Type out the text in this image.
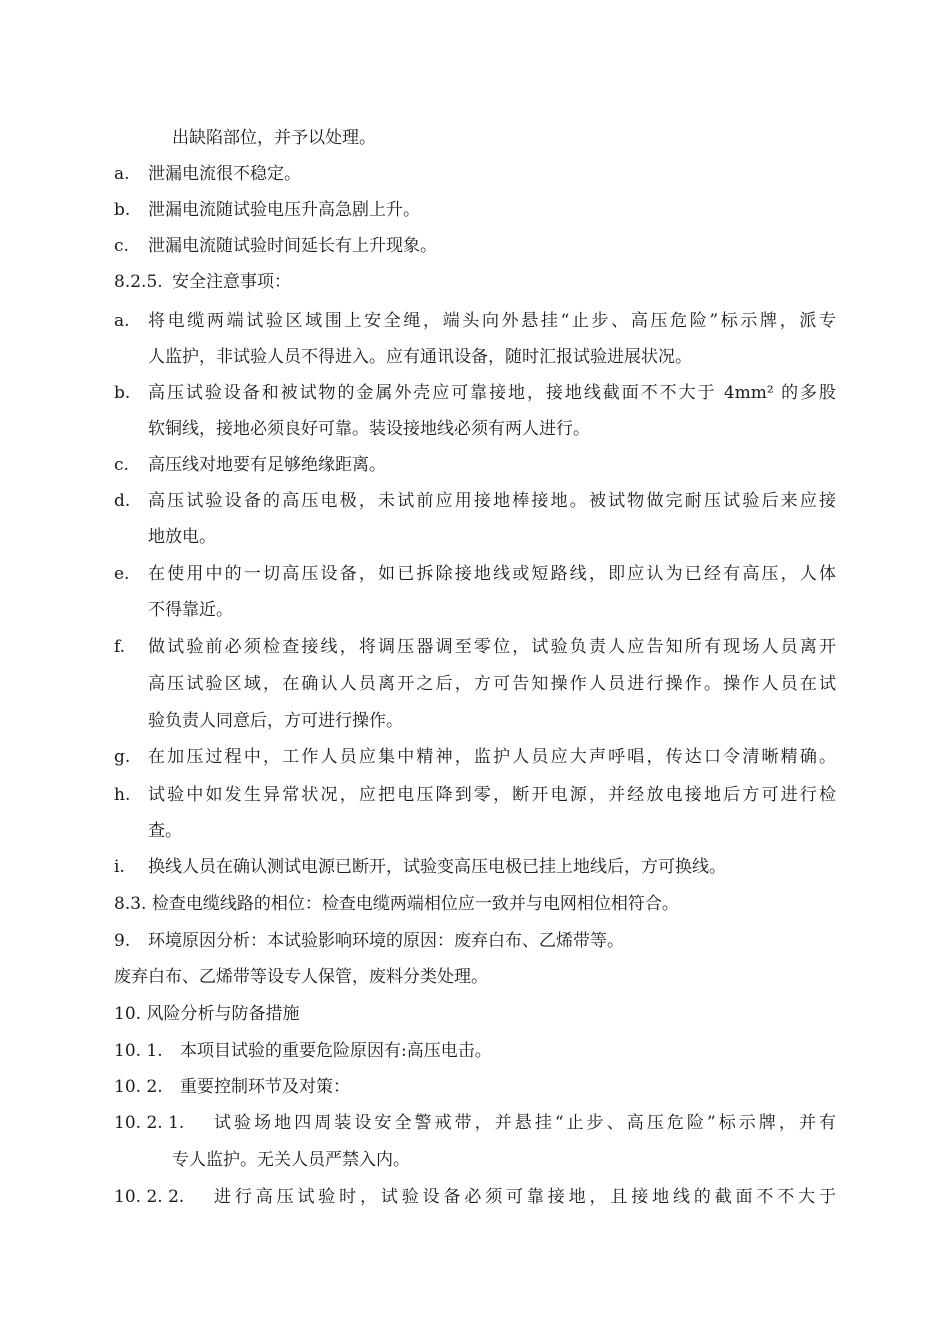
出缺陷部位，并予以处理。
a. 泄漏电流很不稳定。
b. 泄漏电流随试验电压升高急剧上升。
c. 泄漏电流随试验时间延长有上升现象。
8.2.5. 安全注意事项：
a. 将电缆两端试验区域围上安全绳，端头向外悬挂“止步、高压危险”标示牌，派专
人监护，非试验人员不得进入。应有通讯设备，随时汇报试验进展状况。
b. 高压试验设备和被试物的金属外壳应可靠接地，接地线截面不不大于 4mm² 的多股
软铜线，接地必须良好可靠。装设接地线必须有两人进行。
c. 高压线对地要有足够绝缘距离。
d. 高压试验设备的高压电极，未试前应用接地棒接地。被试物做完耐压试验后来应接
地放电。
e. 在使用中的一切高压设备，如已拆除接地线或短路线，即应认为已经有高压，人体
不得靠近。
f. 做试验前必须检查接线，将调压器调至零位，试验负责人应告知所有现场人员离开
高压试验区域，在确认人员离开之后，方可告知操作人员进行操作。操作人员在试
验负责人同意后，方可进行操作。
g. 在加压过程中，工作人员应集中精神，监护人员应大声呼唱，传达口令清晰精确。
h. 试验中如发生异常状况，应把电压降到零，断开电源，并经放电接地后方可进行检
查。
i. 换线人员在确认测试电源已断开，试验变高压电极已挂上地线后，方可换线。
8.3. 检查电缆线路的相位：检查电缆两端相位应一致并与电网相位相符合。
9. 环境原因分析：本试验影响环境的原因：废弃白布、乙烯带等。
废弃白布、乙烯带等设专人保管，废料分类处理。
10. 风险分析与防备措施
10. 1. 本项目试验的重要危险原因有:高压电击。
10. 2. 重要控制环节及对策：
10. 2. 1. 试验场地四周装设安全警戒带，并悬挂“止步、高压危险”标示牌，并有
专人监护。无关人员严禁入内。
10. 2. 2. 进行高压试验时，试验设备必须可靠接地，且接地线的截面不不大于
